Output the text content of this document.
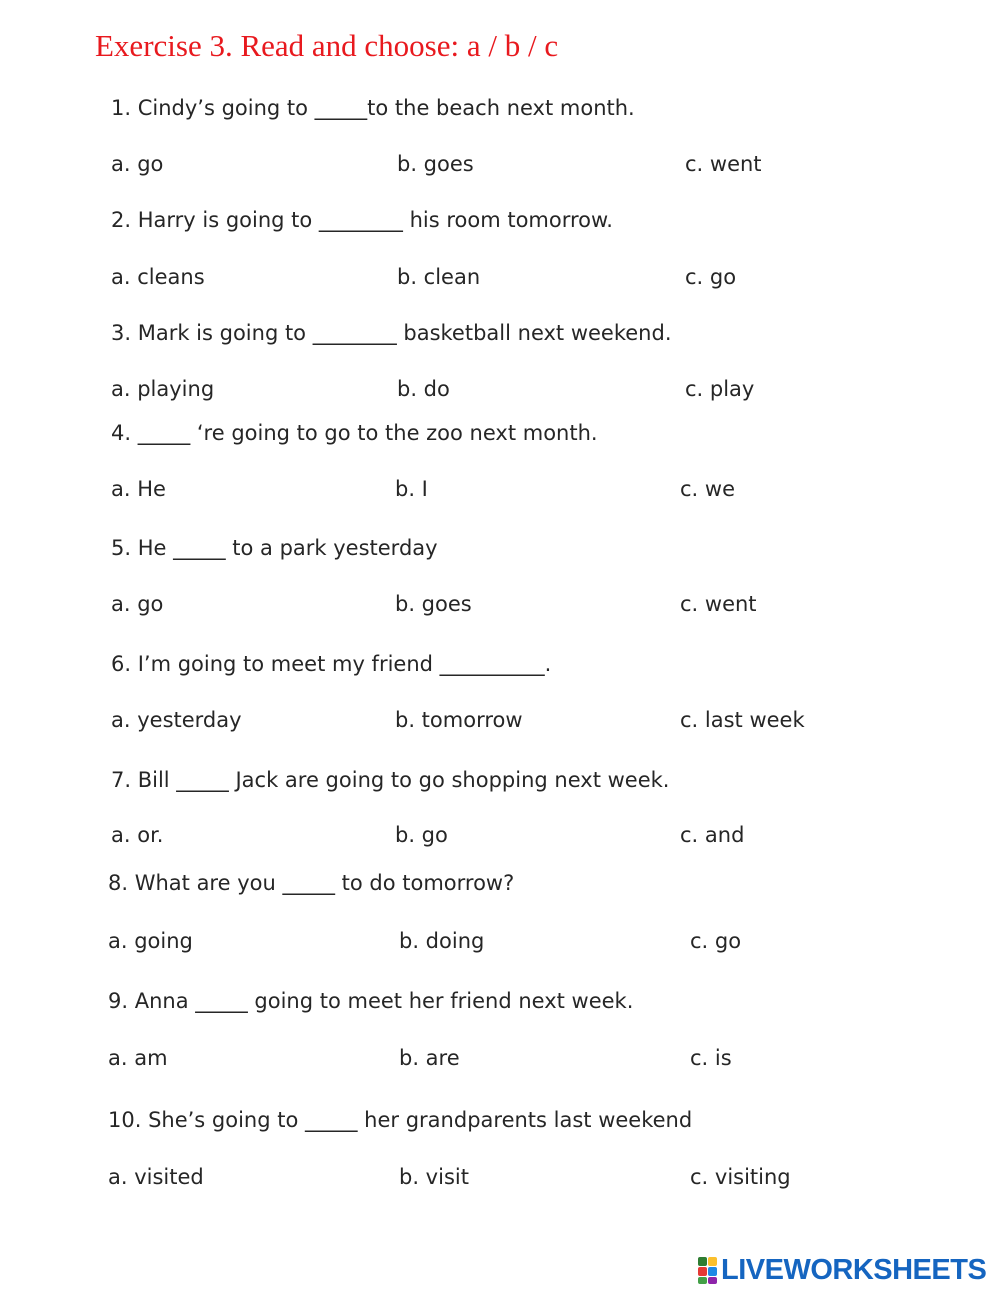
Exercise 3. Read and choose: a / b / c
1. Cindy’s going to _____to the beach next month.
a. go	b. goes	c. went
2. Harry is going to ________ his room tomorrow.
a. cleans	b. clean	c. go
3. Mark is going to ________ basketball next weekend.
a. playing	b. do	c. play
4. _____ ‘re going to go to the zoo next month.
a. He	b. I	c. we
5. He _____ to a park yesterday
a. go	b. goes	c. went
6. I’m going to meet my friend __________.
a. yesterday	b. tomorrow	c. last week
7. Bill _____ Jack are going to go shopping next week.
a. or.	b. go	c. and
8. What are you _____ to do tomorrow?
a. going	b. doing	c. go
9. Anna _____ going to meet her friend next week.
a. am	b. are	c. is
10. She’s going to _____ her grandparents last weekend
a. visited	b. visit	c. visiting
LIVEWORKSHEETS
